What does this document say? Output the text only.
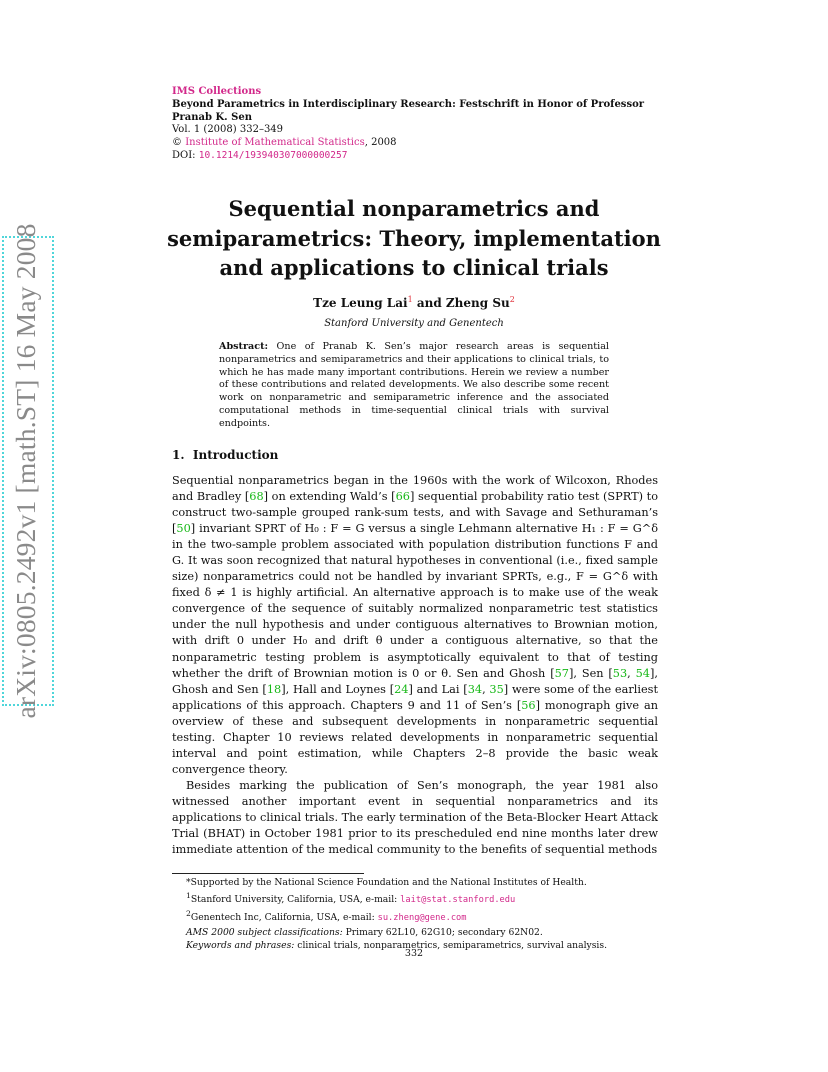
arXiv:0805.2492v1 [math.ST] 16 May 2008
IMS Collections
Beyond Parametrics in Interdisciplinary Research: Festschrift in Honor of Professor
Pranab K. Sen
Vol. 1 (2008) 332–349
© Institute of Mathematical Statistics, 2008
DOI: 10.1214/193940307000000257
Sequential nonparametrics and
semiparametrics: Theory, implementation
and applications to clinical trials
Tze Leung Lai$^1$ and Zheng Su$^2$
Stanford University and Genentech
Abstract: One of Pranab K. Sen’s major research areas is sequential nonparametrics and semiparametrics and their applications to clinical trials, to which he has made many important contributions. Herein we review a number of these contributions and related developments. We also describe some recent work on nonparametric and semiparametric inference and the associated computational methods in time-sequential clinical trials with survival endpoints.
1. Introduction

Sequential nonparametrics began in the 1960s with the work of Wilcoxon, Rhodes and Bradley [68] on extending Wald’s [66] sequential probability ratio test (SPRT) to construct two-sample grouped rank-sum tests, and with Savage and Sethuraman’s [50] invariant SPRT of H₀ : F = G versus a single Lehmann alternative H₁ : F = G^δ in the two-sample problem associated with population distribution functions F and G. It was soon recognized that natural hypotheses in conventional (i.e., fixed sample size) nonparametrics could not be handled by invariant SPRTs, e.g., F = G^δ with fixed δ ≠ 1 is highly artificial. An alternative approach is to make use of the weak convergence of the sequence of suitably normalized nonparametric test statistics under the null hypothesis and under contiguous alternatives to Brownian motion, with drift 0 under H₀ and drift θ under a contiguous alternative, so that the nonparametric testing problem is asymptotically equivalent to that of testing whether the drift of Brownian motion is 0 or θ. Sen and Ghosh [57], Sen [53, 54], Ghosh and Sen [18], Hall and Loynes [24] and Lai [34, 35] were some of the earliest applications of this approach. Chapters 9 and 11 of Sen’s [56] monograph give an overview of these and subsequent developments in nonparametric sequential testing. Chapter 10 reviews related developments in nonparametric sequential interval and point estimation, while Chapters 2–8 provide the basic weak convergence theory.

Besides marking the publication of Sen’s monograph, the year 1981 also witnessed another important event in sequential nonparametrics and its applications to clinical trials. The early termination of the Beta-Blocker Heart Attack Trial (BHAT) in October 1981 prior to its prescheduled end nine months later drew immediate attention of the medical community to the benefits of sequential methods

*Supported by the National Science Foundation and the National Institutes of Health.
$^1$Stanford University, California, USA, e-mail: lait@stat.stanford.edu
$^2$Genentech Inc, California, USA, e-mail: su.zheng@gene.com
AMS 2000 subject classifications: Primary 62L10, 62G10; secondary 62N02.
Keywords and phrases: clinical trials, nonparametrics, semiparametrics, survival analysis.
332
